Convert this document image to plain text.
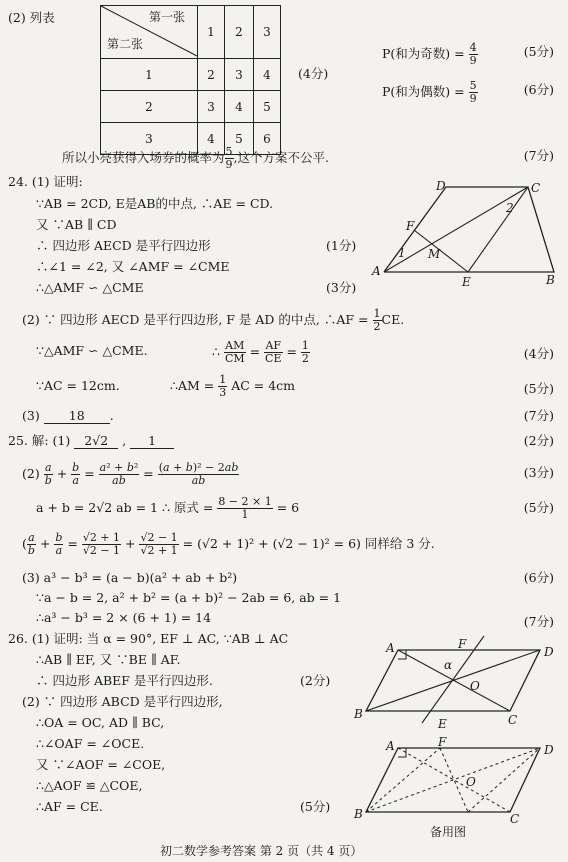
(2) 列表	第一张
第二张	1	2	3
1	2	3	4
2	3	4	5
3	4	5	6
(4分)
P(和为奇数) = $\frac{4}{9}$	(5分)
P(和为偶数) = $\frac{5}{9}$	(6分)
所以小亮获得入场券的概率为 $\frac{5}{9}$ ,这个方案不公平.	(7分)
24. (1) 证明:
∵AB = 2CD, E是AB的中点, ∴AE = CD.
又 ∵AB ∥ CD
∴ 四边形 AECD 是平行四边形	(1分)
∴∠1 = ∠2, 又 ∠AMF = ∠CME
∴△AMF ∽ △CME	(3分)
A
B
C
D
E
F
M
1
2
(2) ∵ 四边形 AECD 是平行四边形, F 是 AD 的中点, ∴AF = $\frac{1}{2}$ CE.
∵△AMF ∽ △CME.	∴ $\frac{AM}{CM} = \frac{AF}{CE} = \frac{1}{2}$	(4分)
∵AC = 12cm.	∴AM = $\frac{1}{3}$ AC = 4cm	(5分)
(3) 18 .	(7分)
25. 解: (1) 2√2 , 1	(2分)
$(2) \frac{a}{b} + \frac{b}{a} = \frac{\text{a² + b²}}{ab} = \frac{\text{(a + b)² − 2ab}}{ab}$	(3分)
a + b = 2√2 ab = 1 ∴ 原式 = $\frac{8 - 2 \times 1}{1} = 6$	(5分)
( $\frac{a}{b} + \frac{b}{a} = \frac{√2 + 1}{√2 - 1} + \frac{√2 - 1}{√2 + 1} = (√2 + 1)^2 + (√2 - 1)^2 = 6$) 同样给 3 分.
(3) a³ − b³ = (a − b)(a² + ab + b²)	(6分)
∵a − b = 2, a² + b² = (a + b)² − 2ab = 6, ab = 1
∴a³ − b³ = 2 × (6 + 1) = 14	(7分)
26. (1) 证明: 当 α = 90°, EF ⊥ AC, ∵AB ⊥ AC
∴AB ∥ EF, 又 ∵BE ∥ AF.
∴ 四边形 ABEF 是平行四边形.	(2分)
(2) ∵ 四边形 ABCD 是平行四边形,
∴OA = OC, AD ∥ BC,
∴∠OAF = ∠OCE.
又 ∵∠AOF = ∠COE,
∴△AOF ≌ △COE,
∴AF = CE.	(5分)
A
B	C
D
E
F
O
α
A
B	C
D
F
O
备用图
初二数学参考答案 第 2 页（共 4 页）
